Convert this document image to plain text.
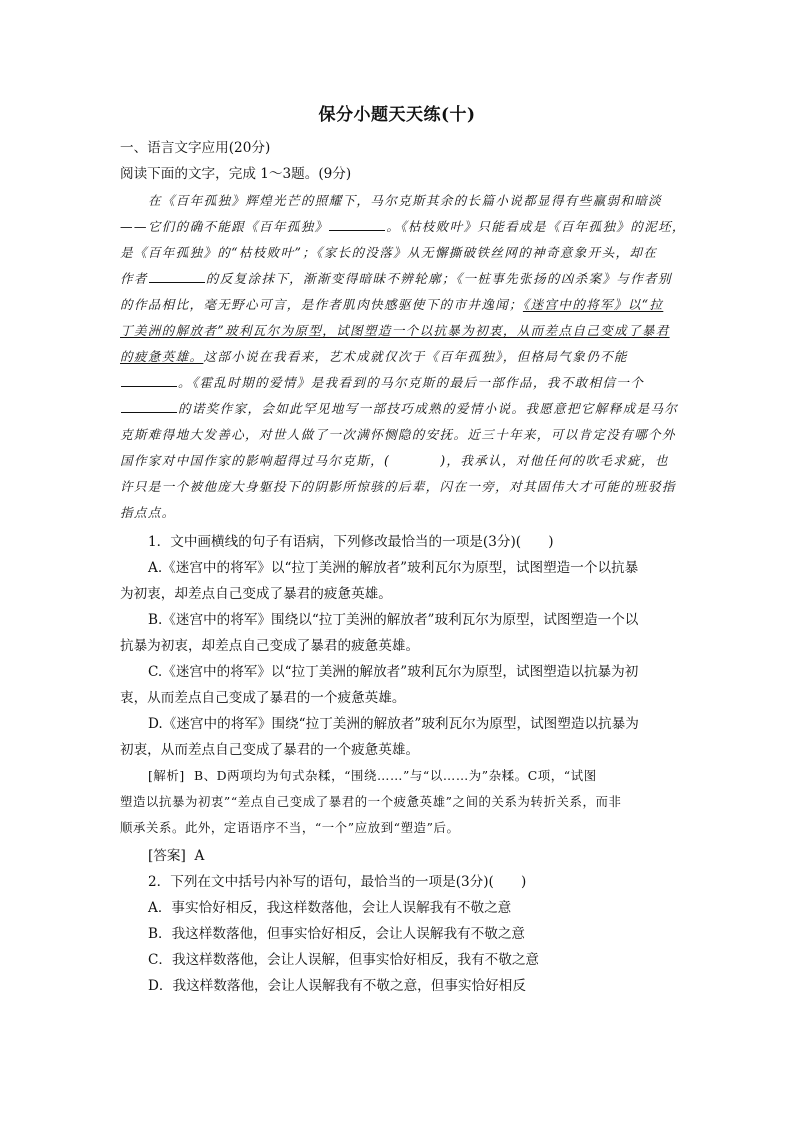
保分小题天天练(十)
一、语言文字应用(20分)
阅读下面的文字，完成 1～3题。(9分)
在《百年孤独》辉煌光芒的照耀下，马尔克斯其余的长篇小说都显得有些羸弱和暗淡
——它们的确不能跟《百年孤独》	。《枯枝败叶》只能看成是《百年孤独》的泥坯，
是《百年孤独》的“枯枝败叶”；《家长的没落》从无懈撕破铁丝网的神奇意象开头，却在
作者	的反复涂抹下，渐渐变得暗昧不辨轮廓；《一桩事先张扬的凶杀案》与作者别
的作品相比，毫无野心可言，是作者肌肉快感驱使下的市井逸闻；《迷宫中的将军》以“拉
丁美洲的解放者”玻利瓦尔为原型，试图塑造一个以抗暴为初衷，从而差点自己变成了暴君
的疲惫英雄。这部小说在我看来，艺术成就仅次于《百年孤独》，但格局气象仍不能
。《霍乱时期的爱情》是我看到的马尔克斯的最后一部作品，我不敢相信一个
的诺奖作家，会如此罕见地写一部技巧成熟的爱情小说。我愿意把它解释成是马尔
克斯难得地大发善心，对世人做了一次满怀恻隐的安抚。近三十年来，可以肯定没有哪个外
国作家对中国作家的影响超得过马尔克斯，(	)，我承认，对他任何的吹毛求疵，也
许只是一个被他庞大身躯投下的阴影所惊骇的后辈，闪在一旁，对其固伟大才可能的班驳指
指点点。
1．文中画横线的句子有语病，下列修改最恰当的一项是(3分)(　　)
A.《迷宫中的将军》以“拉丁美洲的解放者”玻利瓦尔为原型，试图塑造一个以抗暴
为初衷，却差点自己变成了暴君的疲惫英雄。
B.《迷宫中的将军》围绕以“拉丁美洲的解放者”玻利瓦尔为原型，试图塑造一个以
抗暴为初衷，却差点自己变成了暴君的疲惫英雄。
C.《迷宫中的将军》以“拉丁美洲的解放者”玻利瓦尔为原型，试图塑造以抗暴为初
衷，从而差点自己变成了暴君的一个疲惫英雄。
D.《迷宫中的将军》围绕“拉丁美洲的解放者”玻利瓦尔为原型，试图塑造以抗暴为
初衷，从而差点自己变成了暴君的一个疲惫英雄。
[解析] B、D两项均为句式杂糅，“围绕……”与“以……为”杂糅。C项，“试图
塑造以抗暴为初衷”“差点自己变成了暴君的一个疲惫英雄”之间的关系为转折关系，而非
顺承关系。此外，定语语序不当，“一个”应放到“塑造”后。
[答案] A
2．下列在文中括号内补写的语句，最恰当的一项是(3分)(　　)
A．事实恰好相反，我这样数落他，会让人误解我有不敬之意
B．我这样数落他，但事实恰好相反，会让人误解我有不敬之意
C．我这样数落他，会让人误解，但事实恰好相反，我有不敬之意
D．我这样数落他，会让人误解我有不敬之意，但事实恰好相反
